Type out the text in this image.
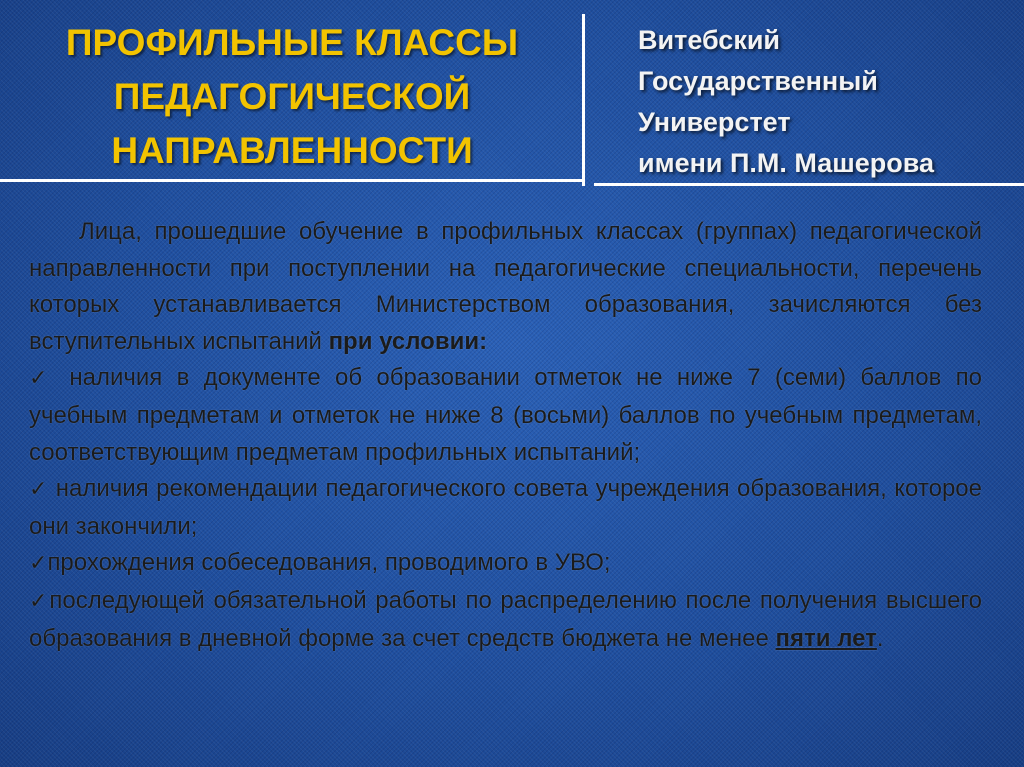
ПРОФИЛЬНЫЕ КЛАССЫ
ПЕДАГОГИЧЕСКОЙ
НАПРАВЛЕННОСТИ
Витебский
Государственный
Универстет
имени П.М. Машерова

Лица, прошедшие обучение в профильных классах (группах) педагогической направленности при поступлении на педагогические специальности, перечень которых устанавливается Министерством образования, зачисляются без вступительных испытаний при условии:

✓ наличия в документе об образовании отметок не ниже 7 (семи) баллов по учебным предметам и отметок не ниже 8 (восьми) баллов по учебным предметам, соответствующим предметам профильных испытаний;

✓ наличия рекомендации педагогического совета учреждения образования, которое они закончили;

✓прохождения собеседования, проводимого в УВО;

✓последующей обязательной работы по распределению после получения высшего образования в дневной форме за счет средств бюджета не менее пяти лет.
